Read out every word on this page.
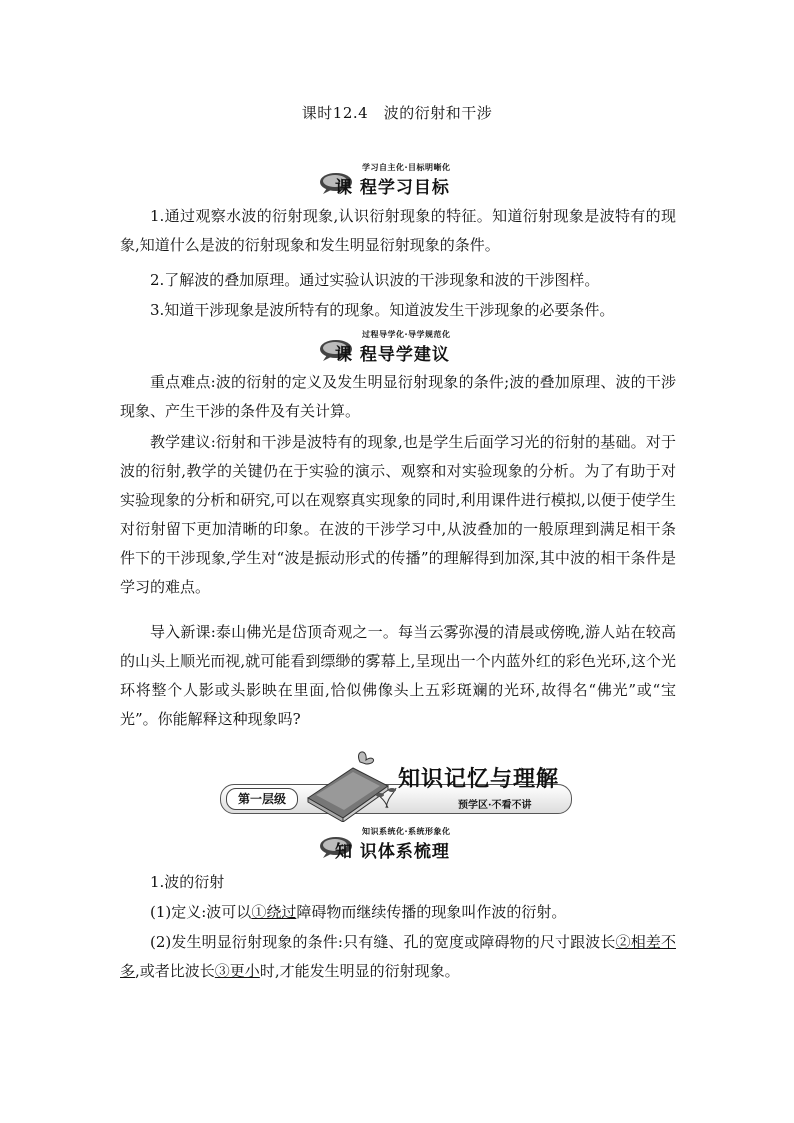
课时12.4　波的衍射和干涉
学习自主化·目标明晰化
课 程学习目标
1.通过观察水波的衍射现象,认识衍射现象的特征。知道衍射现象是波特有的现象,知道什么是波的衍射现象和发生明显衍射现象的条件。
2.了解波的叠加原理。通过实验认识波的干涉现象和波的干涉图样。
3.知道干涉现象是波所特有的现象。知道波发生干涉现象的必要条件。
过程导学化·导学规范化
课 程导学建议
重点难点:波的衍射的定义及发生明显衍射现象的条件;波的叠加原理、波的干涉现象、产生干涉的条件及有关计算。
教学建议:衍射和干涉是波特有的现象,也是学生后面学习光的衍射的基础。对于波的衍射,教学的关键仍在于实验的演示、观察和对实验现象的分析。为了有助于对实验现象的分析和研究,可以在观察真实现象的同时,利用课件进行模拟,以便于使学生对衍射留下更加清晰的印象。在波的干涉学习中,从波叠加的一般原理到满足相干条件下的干涉现象,学生对“波是振动形式的传播”的理解得到加深,其中波的相干条件是学习的难点。
导入新课:泰山佛光是岱顶奇观之一。每当云雾弥漫的清晨或傍晚,游人站在较高的山头上顺光而视,就可能看到缥缈的雾幕上,呈现出一个内蓝外红的彩色光环,这个光环将整个人影或头影映在里面,恰似佛像头上五彩斑斓的光环,故得名“佛光”或“宝光”。你能解释这种现象吗?
第一层级
知识记忆与理解
预学区·不看不讲
知识系统化·系统形象化
知 识体系梳理
1.波的衍射
(1)定义:波可以①绕过障碍物而继续传播的现象叫作波的衍射。
(2)发生明显衍射现象的条件:只有缝、孔的宽度或障碍物的尺寸跟波长②相差不多,或者比波长③更小时,才能发生明显的衍射现象。
